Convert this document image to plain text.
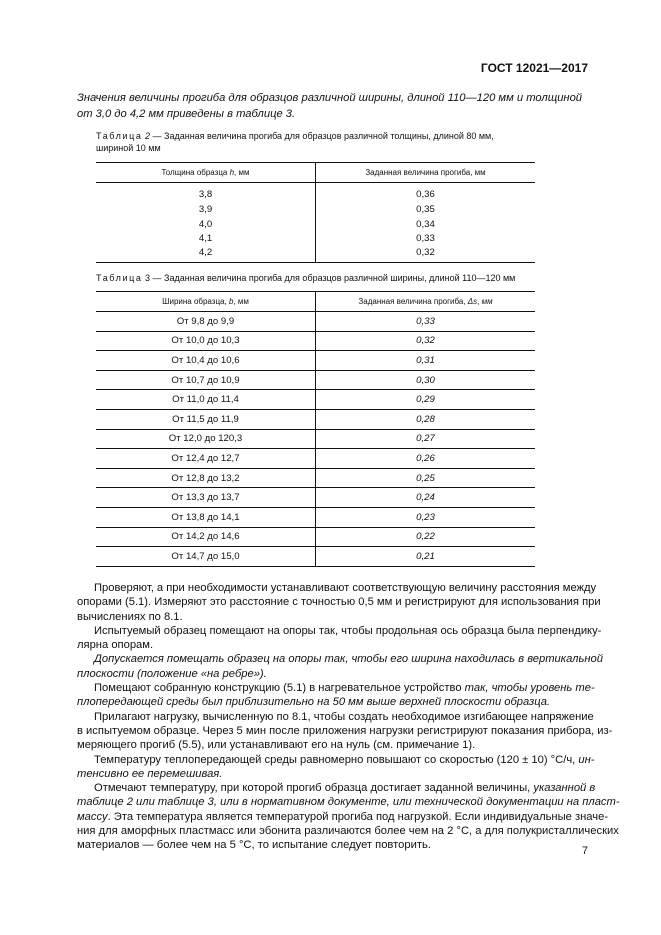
ГОСТ 12021—2017
Значения величины прогиба для образцов различной ширины, длиной 110—120 мм и толщиной
от 3,0 до 4,2 мм приведены в таблице 3.
Таблица 2 — Заданная величина прогиба для образцов различной толщины, длиной 80 мм,
шириной 10 мм
Толщина образца h, мм	Заданная величина прогиба, мм
3,8	0,36
3,9	0,35
4,0	0,34
4,1	0,33
4,2	0,32
Таблица 3 — Заданная величина прогиба для образцов различной ширины, длиной 110—120 мм
Ширина образца, b, мм	Заданная величина прогиба, Δs, мм
От 9,8 до 9,9	0,33
От 10,0 до 10,3	0,32
От 10,4 до 10,6	0,31
От 10,7 до 10,9	0,30
От 11,0 до 11,4	0,29
От 11,5 до 11,9	0,28
От 12,0 до 120,3	0,27
От 12,4 до 12,7	0,26
От 12,8 до 13,2	0,25
От 13,3 до 13,7	0,24
От 13,8 до 14,1	0,23
От 14,2 до 14,6	0,22
От 14,7 до 15,0	0,21
Проверяют, а при необходимости устанавливают соответствующую величину расстояния между
опорами (5.1). Измеряют это расстояние с точностью 0,5 мм и регистрируют для использования при
вычислениях по 8.1.
Испытуемый образец помещают на опоры так, чтобы продольная ось образца была перпендику-
лярна опорам.
Допускается помещать образец на опоры так, чтобы его ширина находилась в вертикальной
плоскости (положение «на ребре»).
Помещают собранную конструкцию (5.1) в нагревательное устройство так, чтобы уровень те-
плопередающей среды был приблизительно на 50 мм выше верхней плоскости образца.
Прилагают нагрузку, вычисленную по 8.1, чтобы создать необходимое изгибающее напряжение
в испытуемом образце. Через 5 мин после приложения нагрузки регистрируют показания прибора, из-
меряющего прогиб (5.5), или устанавливают его на нуль (см. примечание 1).
Температуру теплопередающей среды равномерно повышают со скоростью (120 ± 10) °С/ч, ин-
тенсивно ее перемешивая.
Отмечают температуру, при которой прогиб образца достигает заданной величины, указанной в
таблице 2 или таблице 3, или в нормативном документе, или технической документации на пласт-
массу. Эта температура является температурой прогиба под нагрузкой. Если индивидуальные значе-
ния для аморфных пластмасс или эбонита различаются более чем на 2 °С, а для полукристаллических
материалов — более чем на 5 °С, то испытание следует повторить.	7
